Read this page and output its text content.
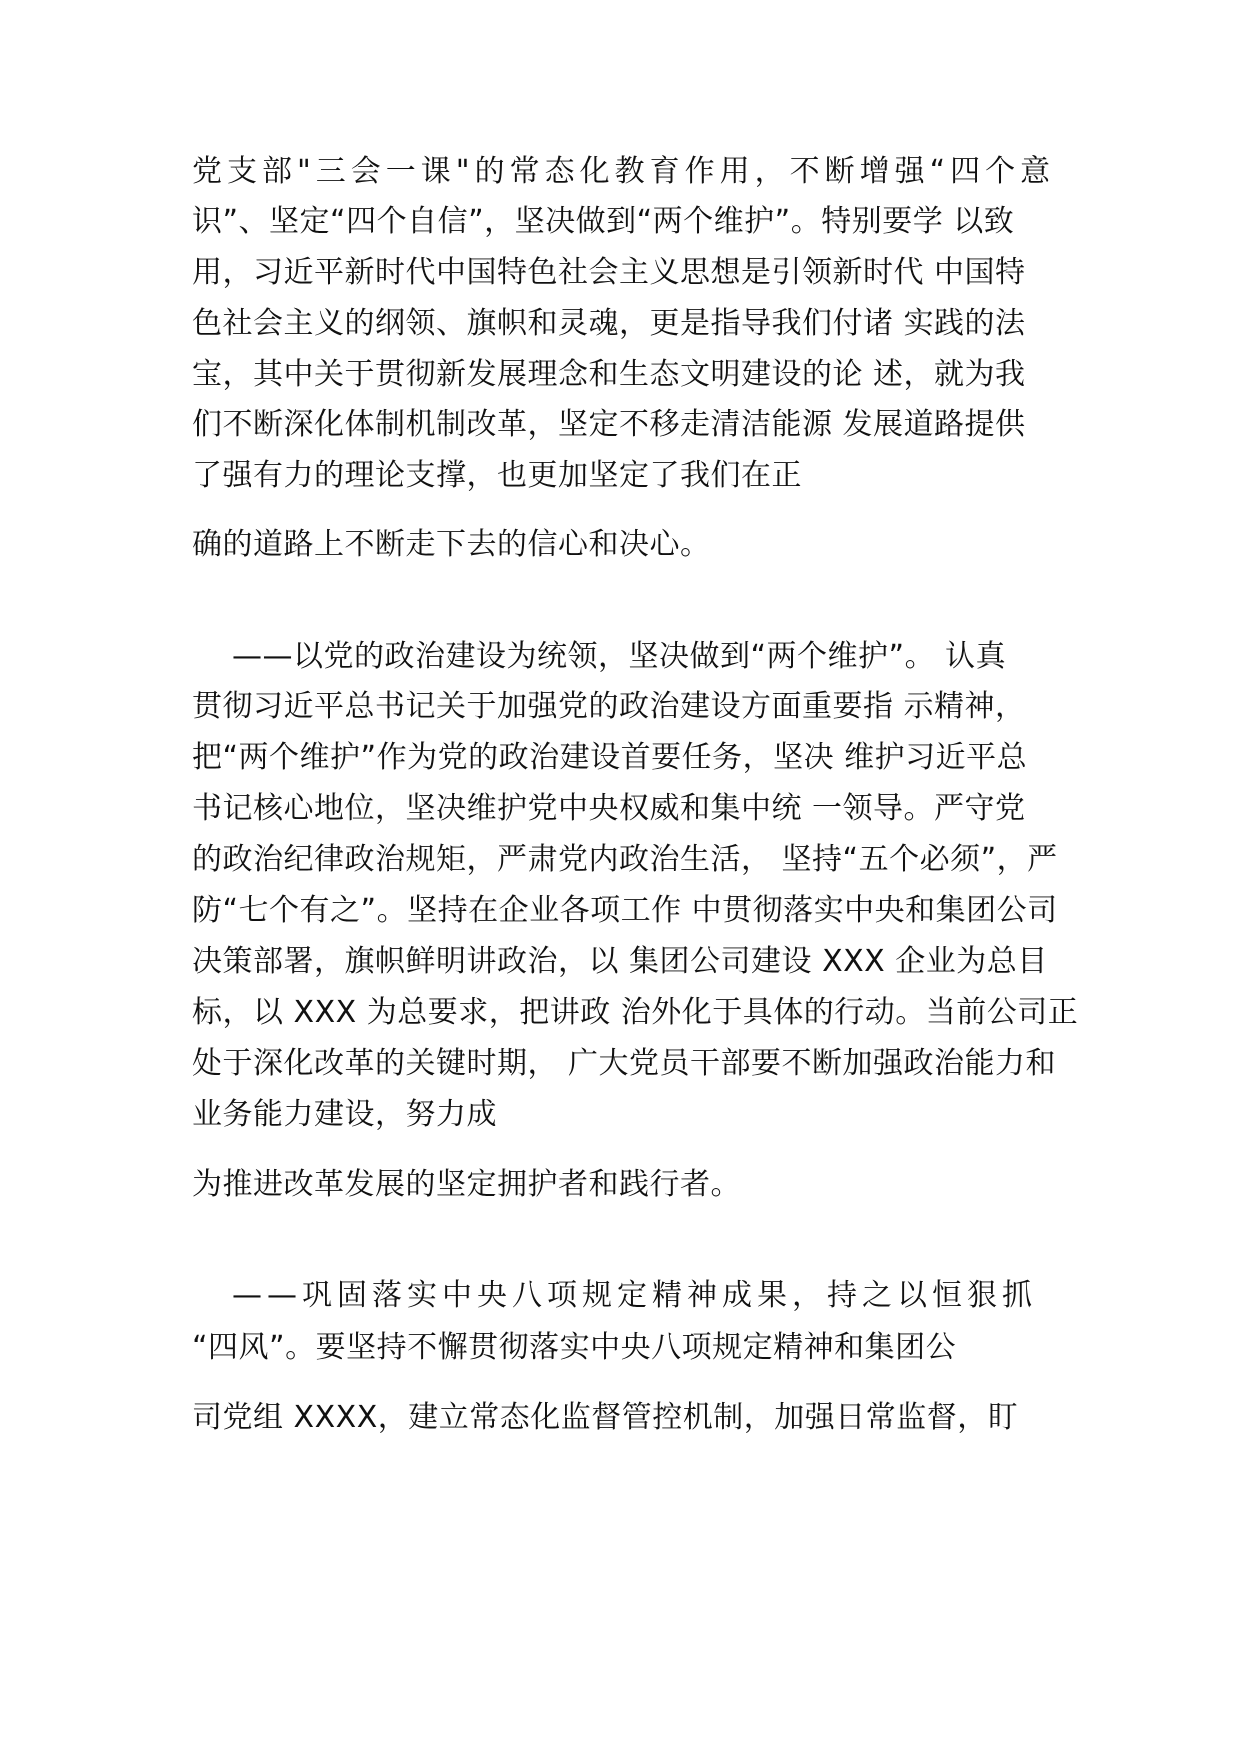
党支部"三会一课"的常态化教育作用，不断增强“四个意
识”、坚定“四个自信”，坚决做到“两个维护”。特别要学 以致
用，习近平新时代中国特色社会主义思想是引领新时代 中国特
色社会主义的纲领、旗帜和灵魂，更是指导我们付诸 实践的法
宝，其中关于贯彻新发展理念和生态文明建设的论 述，就为我
们不断深化体制机制改革，坚定不移走清洁能源 发展道路提供
了强有力的理论支撑，也更加坚定了我们在正
确的道路上不断走下去的信心和决心。
——以党的政治建设为统领，坚决做到“两个维护”。 认真
贯彻习近平总书记关于加强党的政治建设方面重要指 示精神，
把“两个维护”作为党的政治建设首要任务，坚决 维护习近平总
书记核心地位，坚决维护党中央权威和集中统 一领导。严守党
的政治纪律政治规矩，严肃党内政治生活， 坚持“五个必须”，严
防“七个有之”。坚持在企业各项工作 中贯彻落实中央和集团公司
决策部署，旗帜鲜明讲政治，以 集团公司建设 XXX 企业为总目
标，以 XXX 为总要求，把讲政 治外化于具体的行动。当前公司正
处于深化改革的关键时期， 广大党员干部要不断加强政治能力和
业务能力建设，努力成
为推进改革发展的坚定拥护者和践行者。
——巩固落实中央八项规定精神成果，持之以恒狠抓
“四风”。要坚持不懈贯彻落实中央八项规定精神和集团公
司党组 XXXX，建立常态化监督管控机制，加强日常监督，盯
